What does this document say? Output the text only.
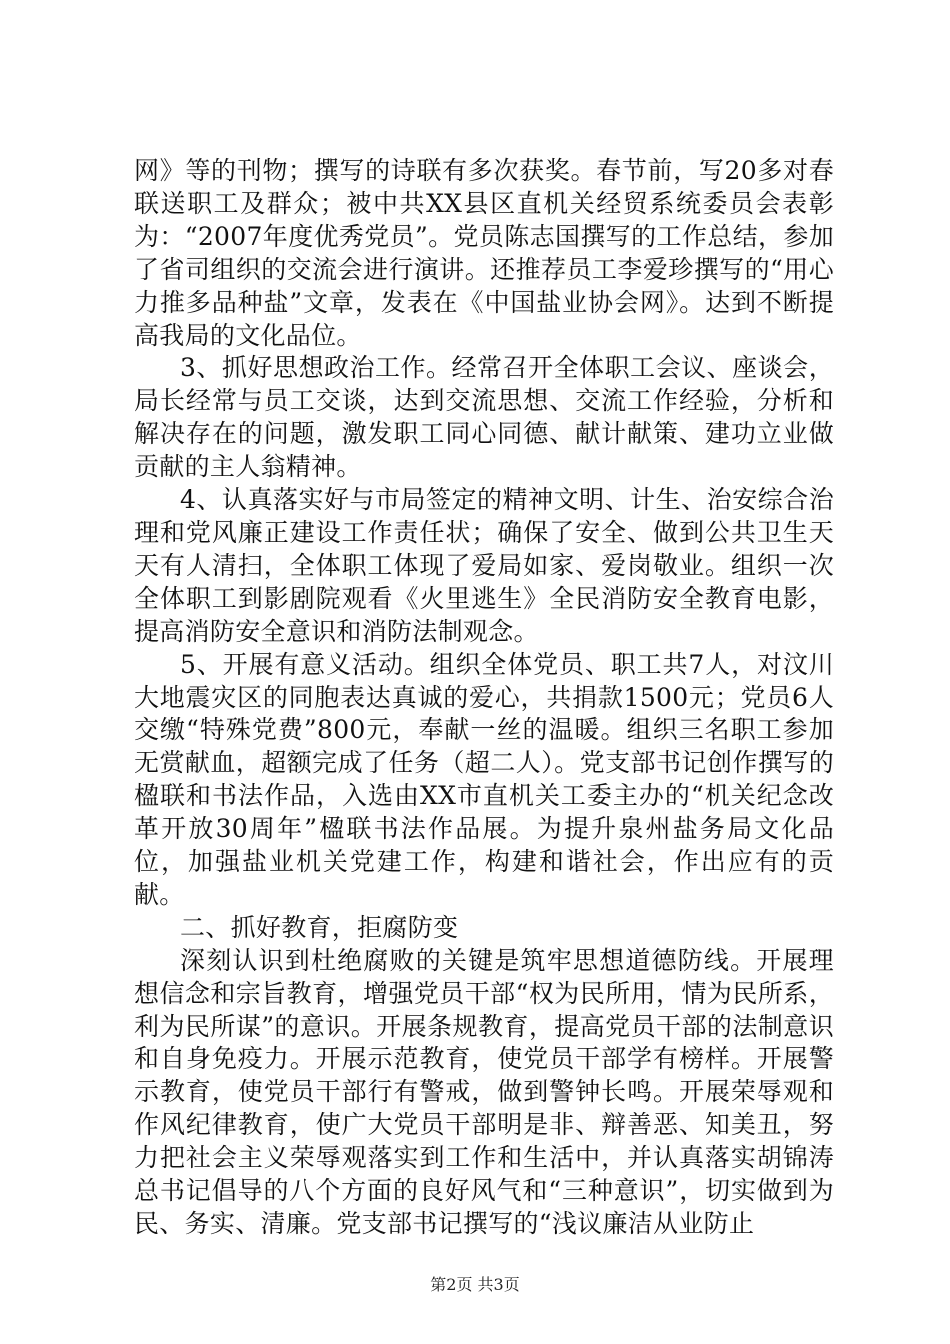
网》等的刊物；撰写的诗联有多次获奖。春节前，写20多对春联送职工及群众；被中共XX县区直机关经贸系统委员会表彰为：“2007年度优秀党员”。党员陈志国撰写的工作总结，参加了省司组织的交流会进行演讲。还推荐员工李爱珍撰写的“用心力推多品种盐”文章，发表在《中国盐业协会网》。达到不断提高我局的文化品位。

3、抓好思想政治工作。经常召开全体职工会议、座谈会，局长经常与员工交谈，达到交流思想、交流工作经验，分析和解决存在的问题，激发职工同心同德、献计献策、建功立业做贡献的主人翁精神。

4、认真落实好与市局签定的精神文明、计生、治安综合治理和党风廉正建设工作责任状；确保了安全、做到公共卫生天天有人清扫，全体职工体现了爱局如家、爱岗敬业。组织一次全体职工到影剧院观看《火里逃生》全民消防安全教育电影，提高消防安全意识和消防法制观念。

5、开展有意义活动。组织全体党员、职工共7人，对汶川大地震灾区的同胞表达真诚的爱心，共捐款1500元；党员6人交缴“特殊党费”800元，奉献一丝的温暖。组织三名职工参加无赏献血，超额完成了任务（超二人）。党支部书记创作撰写的楹联和书法作品，入选由XX市直机关工委主办的“机关纪念改革开放30周年”楹联书法作品展。为提升泉州盐务局文化品位，加强盐业机关党建工作，构建和谐社会，作出应有的贡献。

二、抓好教育，拒腐防变

深刻认识到杜绝腐败的关键是筑牢思想道德防线。开展理想信念和宗旨教育，增强党员干部“权为民所用，情为民所系，利为民所谋”的意识。开展条规教育，提高党员干部的法制意识和自身免疫力。开展示范教育，使党员干部学有榜样。开展警示教育，使党员干部行有警戒，做到警钟长鸣。开展荣辱观和作风纪律教育，使广大党员干部明是非、辩善恶、知美丑，努力把社会主义荣辱观落实到工作和生活中，并认真落实胡锦涛总书记倡导的八个方面的良好风气和“三种意识”，切实做到为民、务实、清廉。党支部书记撰写的“浅议廉洁从业防止

第2页 共3页
